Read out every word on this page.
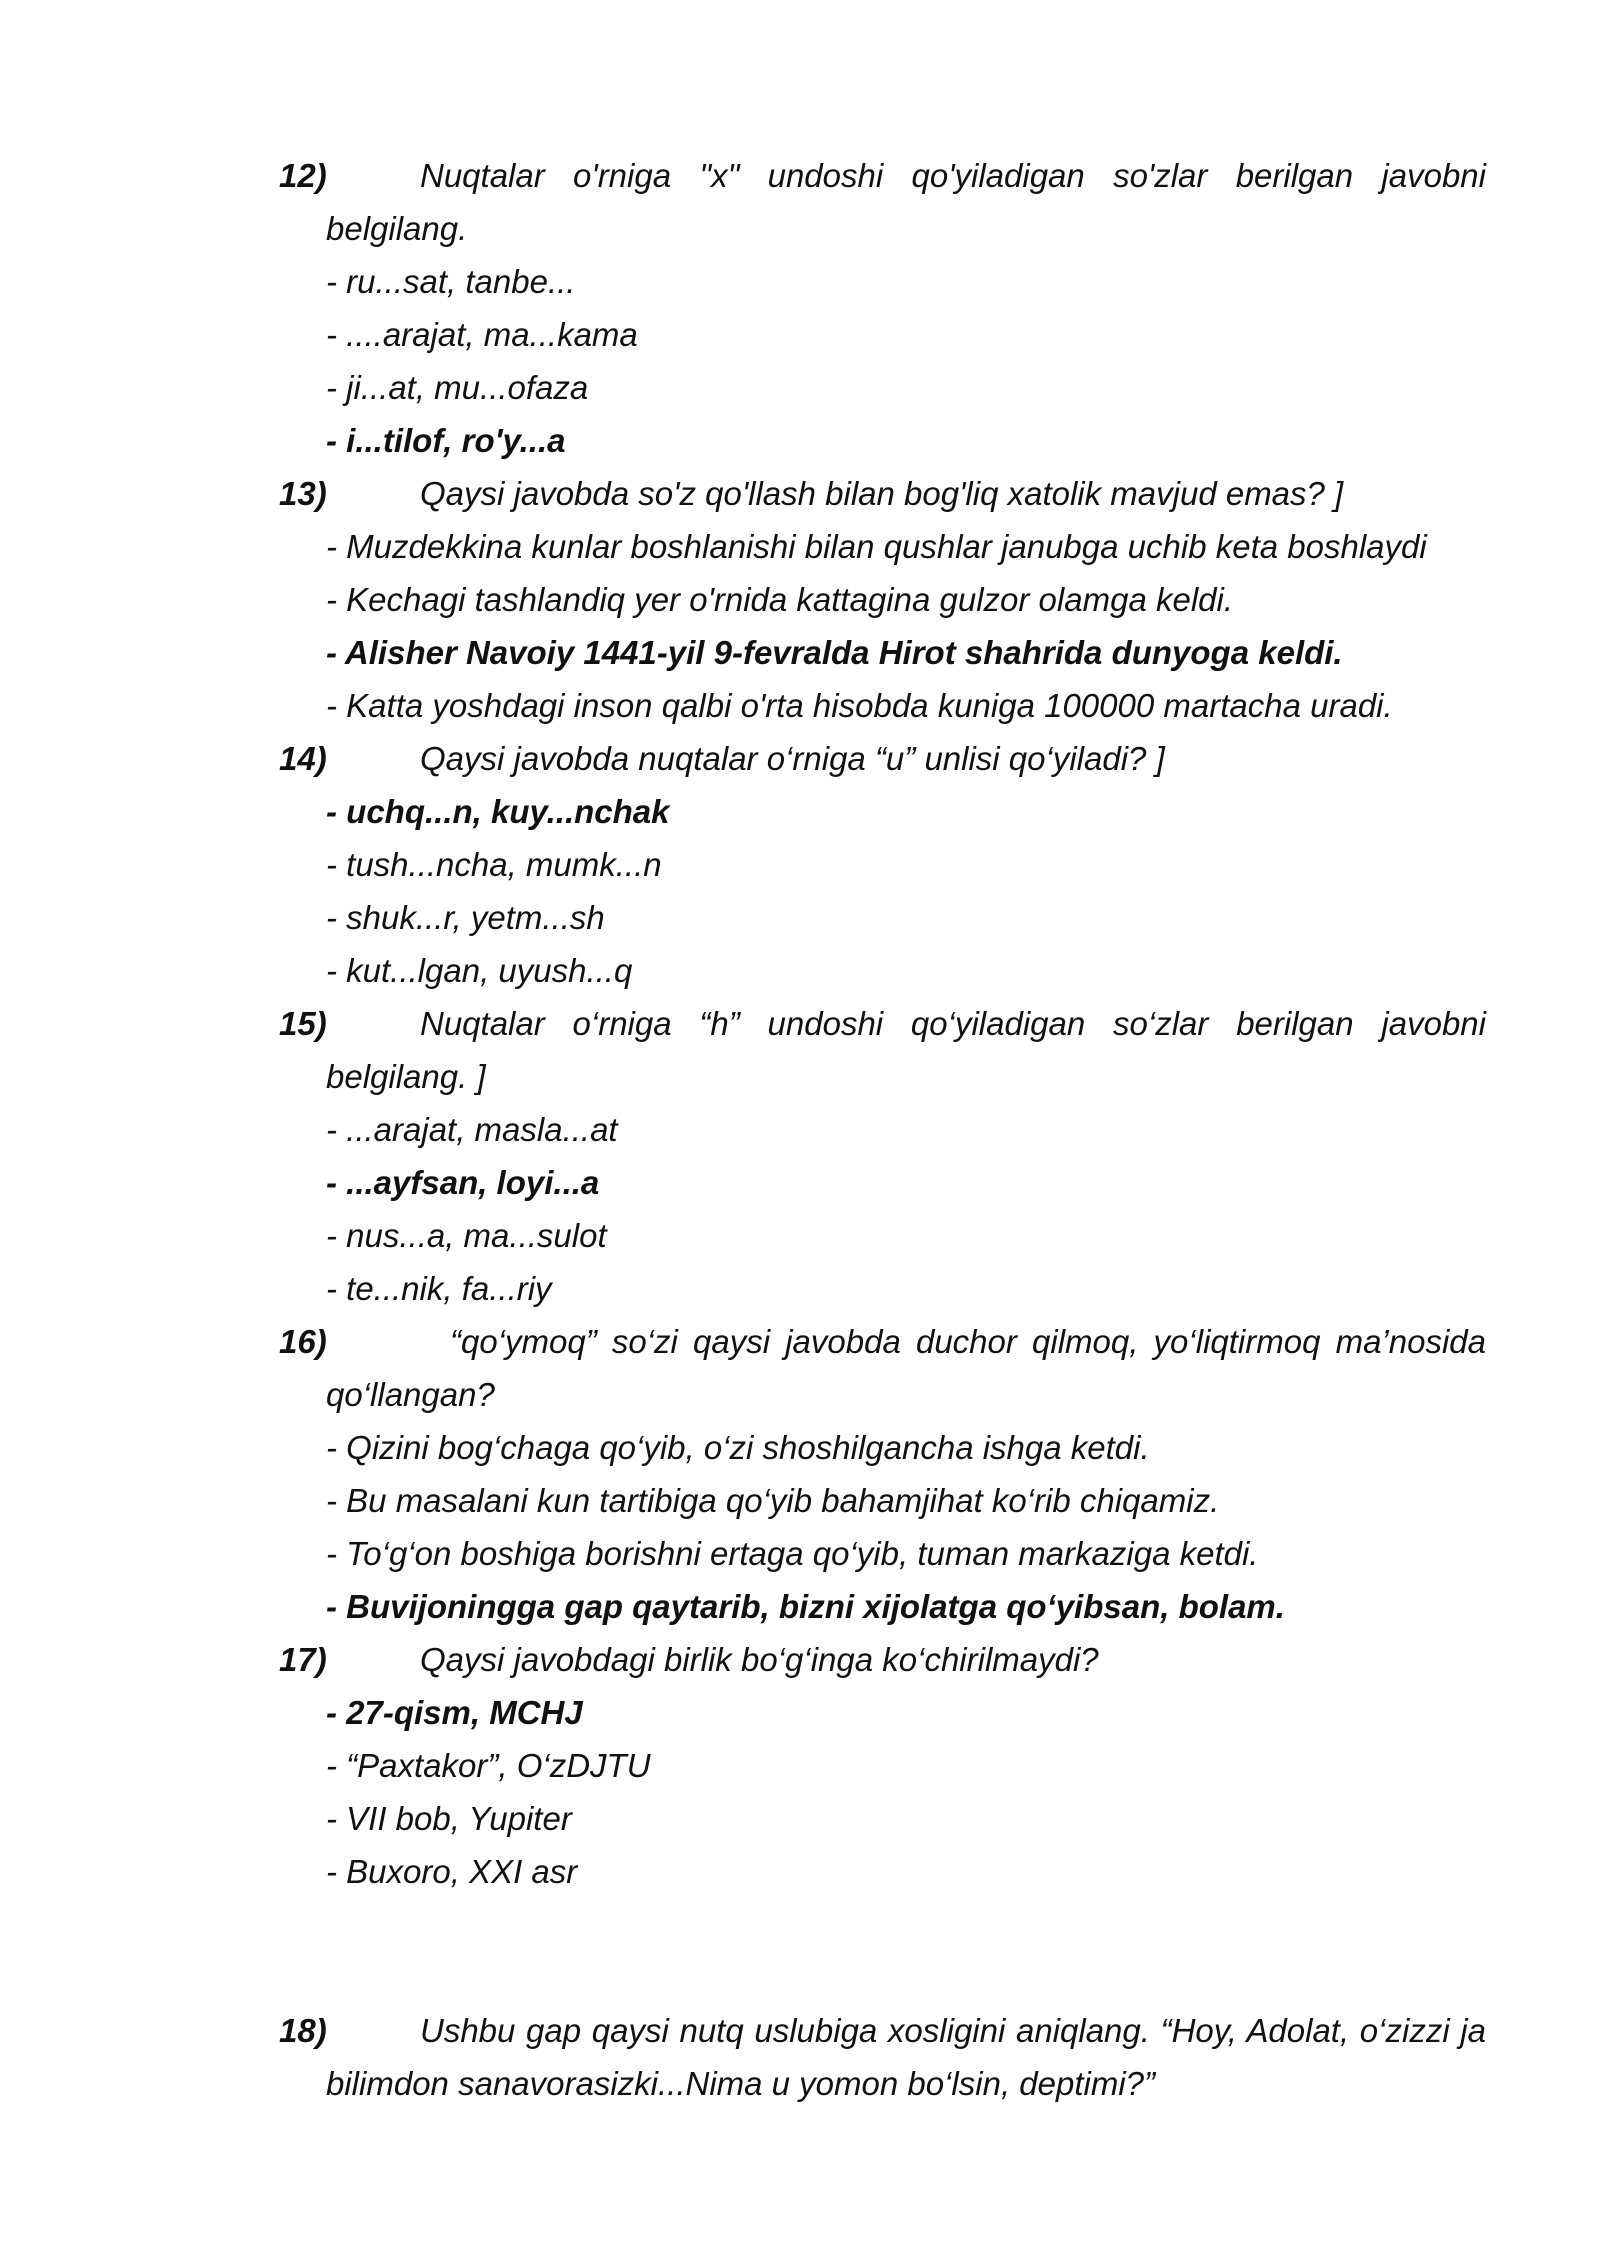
12)	Nuqtalar o'rniga "x" undoshi qo'yiladigan so'zlar berilgan javobni belgilang.
- ru...sat, tanbe...
- ....arajat, ma...kama
- ji...at, mu...ofaza
- i...tilof, ro'y...a
13)	Qaysi javobda so'z qo'llash bilan bog'liq xatolik mavjud emas? ]
- Muzdekkina kunlar boshlanishi bilan qushlar janubga uchib keta boshlaydi
- Kechagi tashlandiq yer o'rnida kattagina gulzor olamga keldi.
- Alisher Navoiy 1441-yil 9-fevralda Hirot shahrida dunyoga keldi.
- Katta yoshdagi inson qalbi o'rta hisobda kuniga 100000 martacha uradi.
14)	Qaysi javobda nuqtalar o‘rniga “u” unlisi qo‘yiladi? ]
- uchq...n, kuy...nchak
- tush...ncha, mumk...n
- shuk...r, yetm...sh
- kut...lgan, uyush...q
15)	Nuqtalar o‘rniga “h” undoshi qo‘yiladigan so‘zlar berilgan javobni belgilang. ]
- ...arajat, masla...at
- ...ayfsan, loyi...a
- nus...a, ma...sulot
- te...nik, fa...riy
16)	“qo‘ymoq” so‘zi qaysi javobda duchor qilmoq, yo‘liqtirmoq ma’nosida qo‘llangan?
- Qizini bog‘chaga qo‘yib, o‘zi shoshilgancha ishga ketdi.
- Bu masalani kun tartibiga qo‘yib bahamjihat ko‘rib chiqamiz.
- To‘g‘on boshiga borishni ertaga qo‘yib, tuman markaziga ketdi.
- Buvijoningga gap qaytarib, bizni xijolatga qo‘yibsan, bolam.
17)	Qaysi javobdagi birlik bo‘g‘inga ko‘chirilmaydi?
- 27-qism, MCHJ
- “Paxtakor”, O‘zDJTU
- VII bob, Yupiter
- Buxoro, XXI asr
18)	Ushbu gap qaysi nutq uslubiga xosligini aniqlang. “Hoy, Adolat, o‘zizzi ja bilimdon sanavorasizki...Nima u yomon bo‘lsin, deptimi?”
